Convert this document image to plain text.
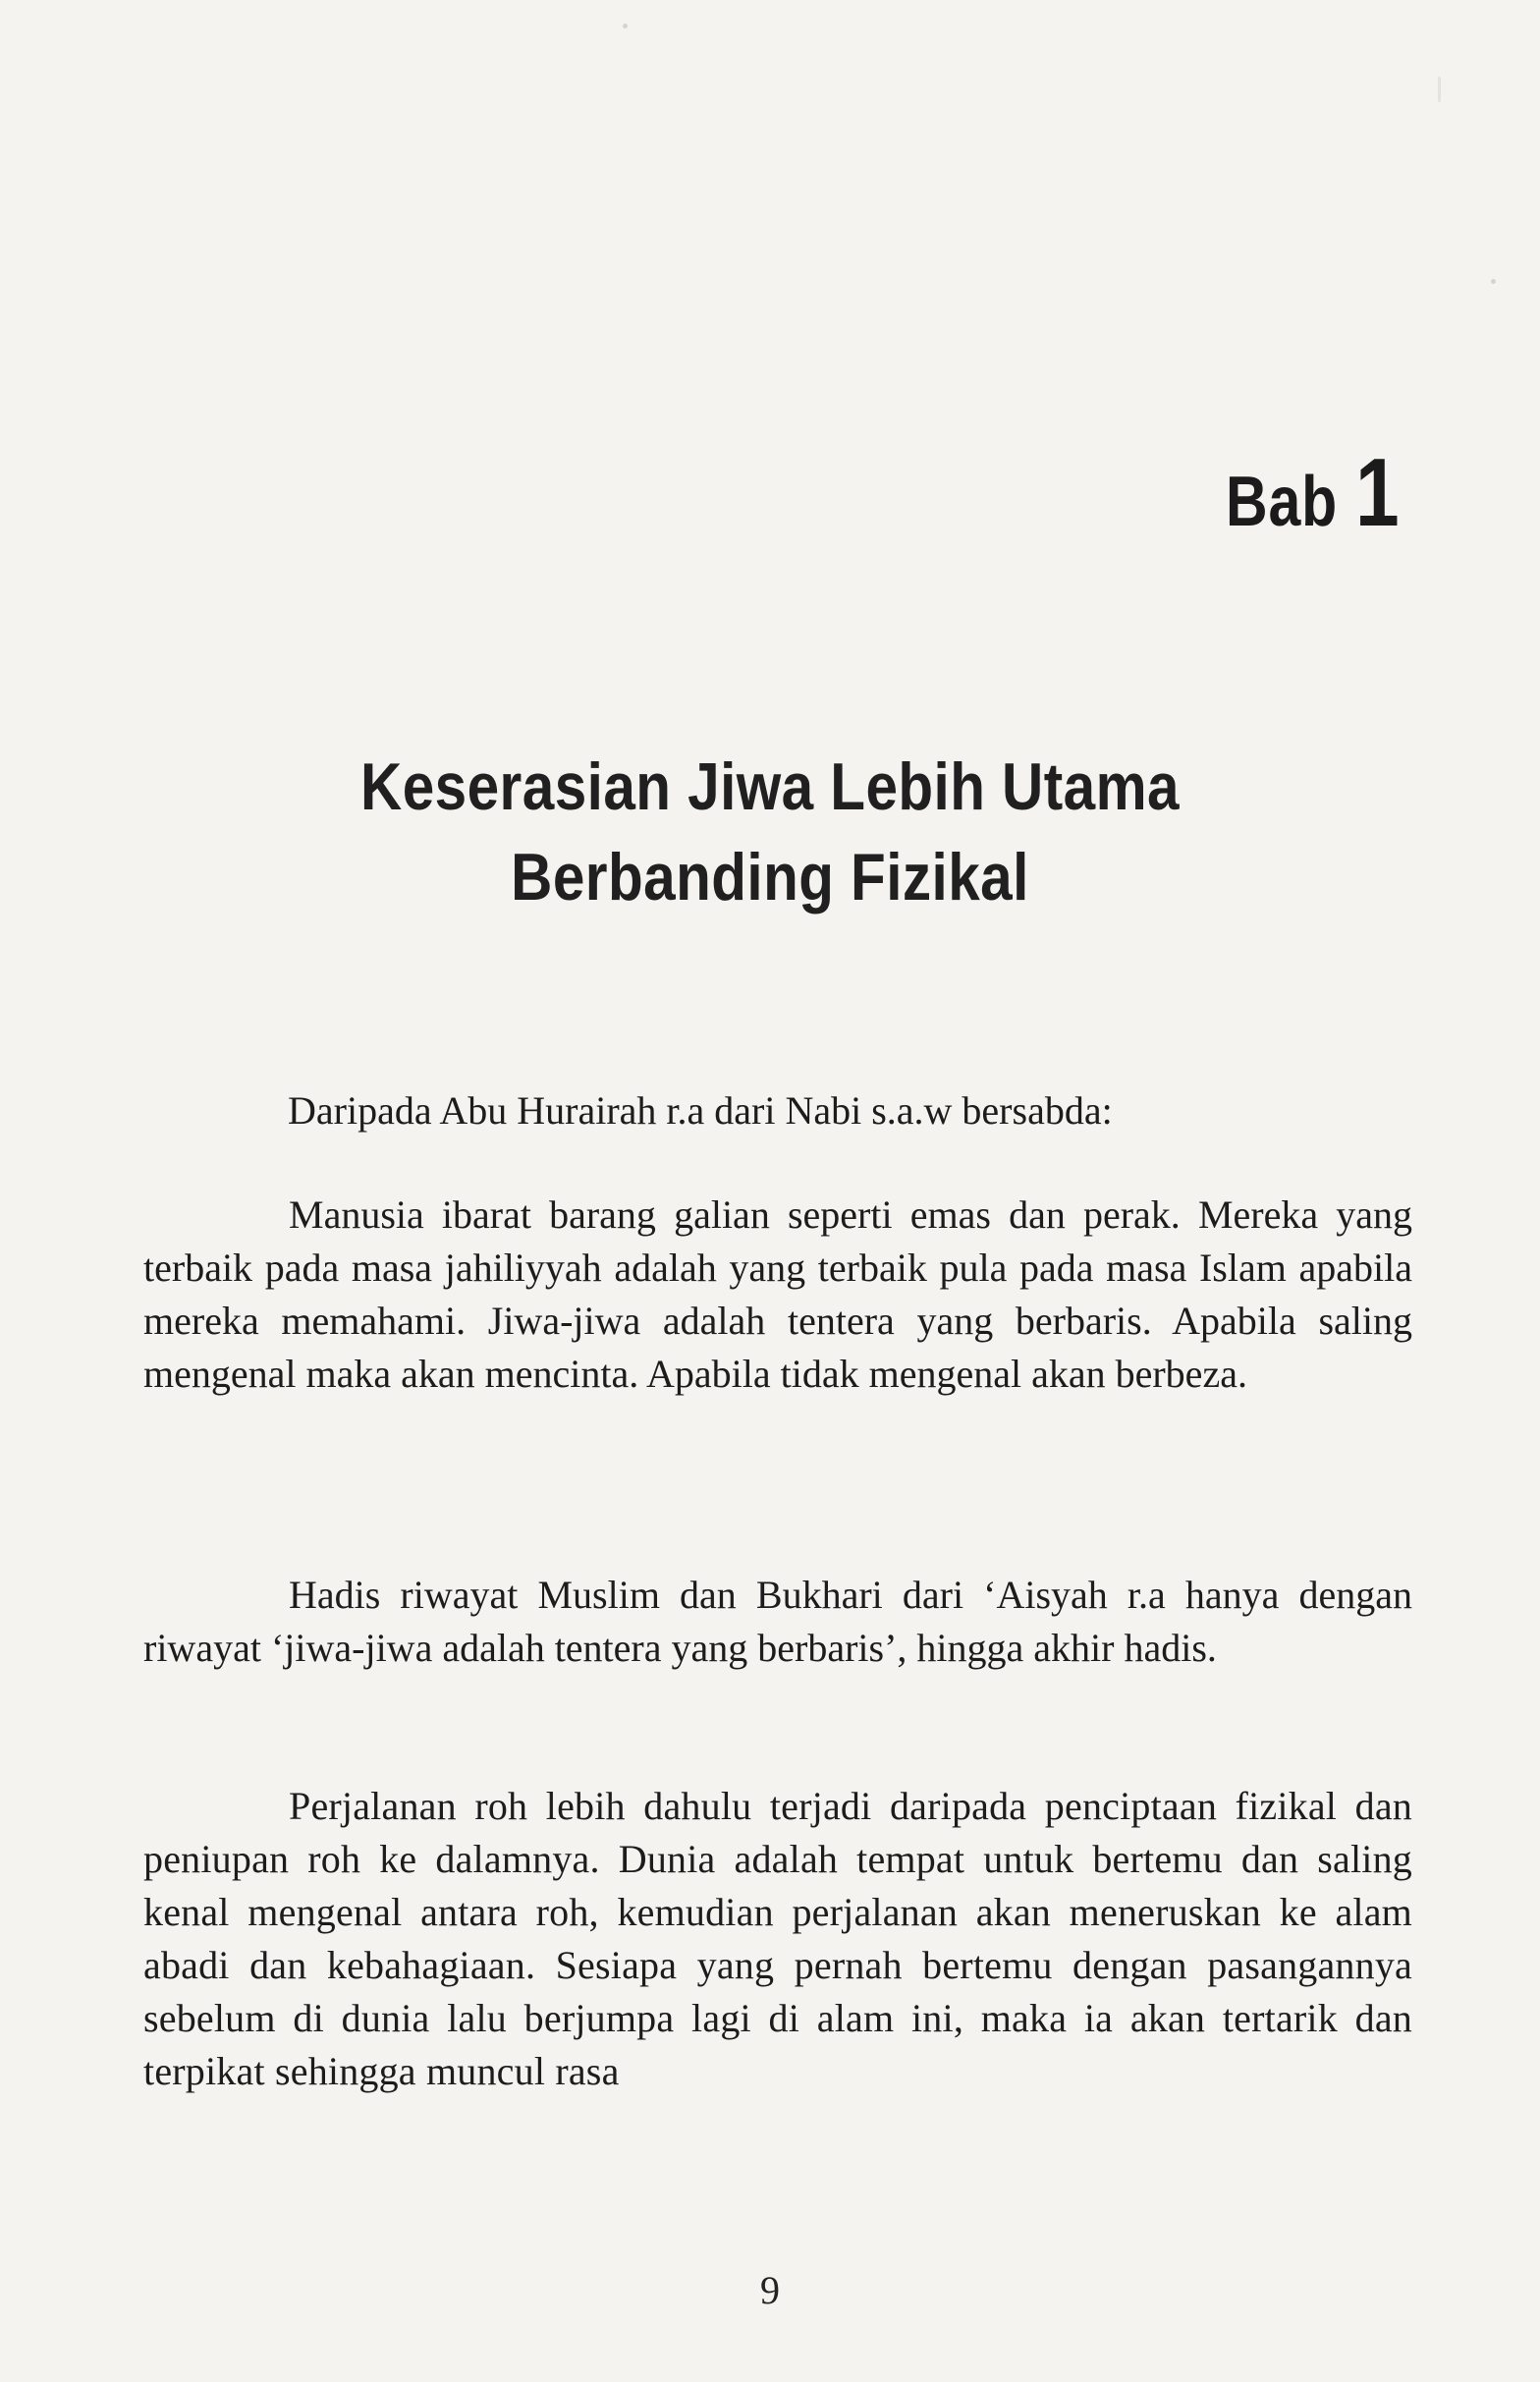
Bab 1
Keserasian Jiwa Lebih Utama
Berbanding Fizikal

Daripada Abu Hurairah r.a dari Nabi s.a.w bersabda:

Manusia ibarat barang galian seperti emas dan perak. Mereka yang terbaik pada masa jahiliyyah adalah yang terbaik pula pada masa Islam apabila mereka memahami. Jiwa-jiwa adalah tentera yang berbaris. Apabila saling mengenal maka akan mencinta. Apabila tidak mengenal akan berbeza.

Hadis riwayat Muslim dan Bukhari dari ‘Aisyah r.a hanya dengan riwayat ‘jiwa-jiwa adalah tentera yang berbaris’, hingga akhir hadis.

Perjalanan roh lebih dahulu terjadi daripada penciptaan fizikal dan peniupan roh ke dalamnya. Dunia adalah tempat untuk bertemu dan saling kenal mengenal antara roh, kemudian perjalanan akan meneruskan ke alam abadi dan kebahagiaan. Sesiapa yang pernah bertemu dengan pasangannya sebelum di dunia lalu berjumpa lagi di alam ini, maka ia akan tertarik dan terpikat sehingga muncul rasa

9
